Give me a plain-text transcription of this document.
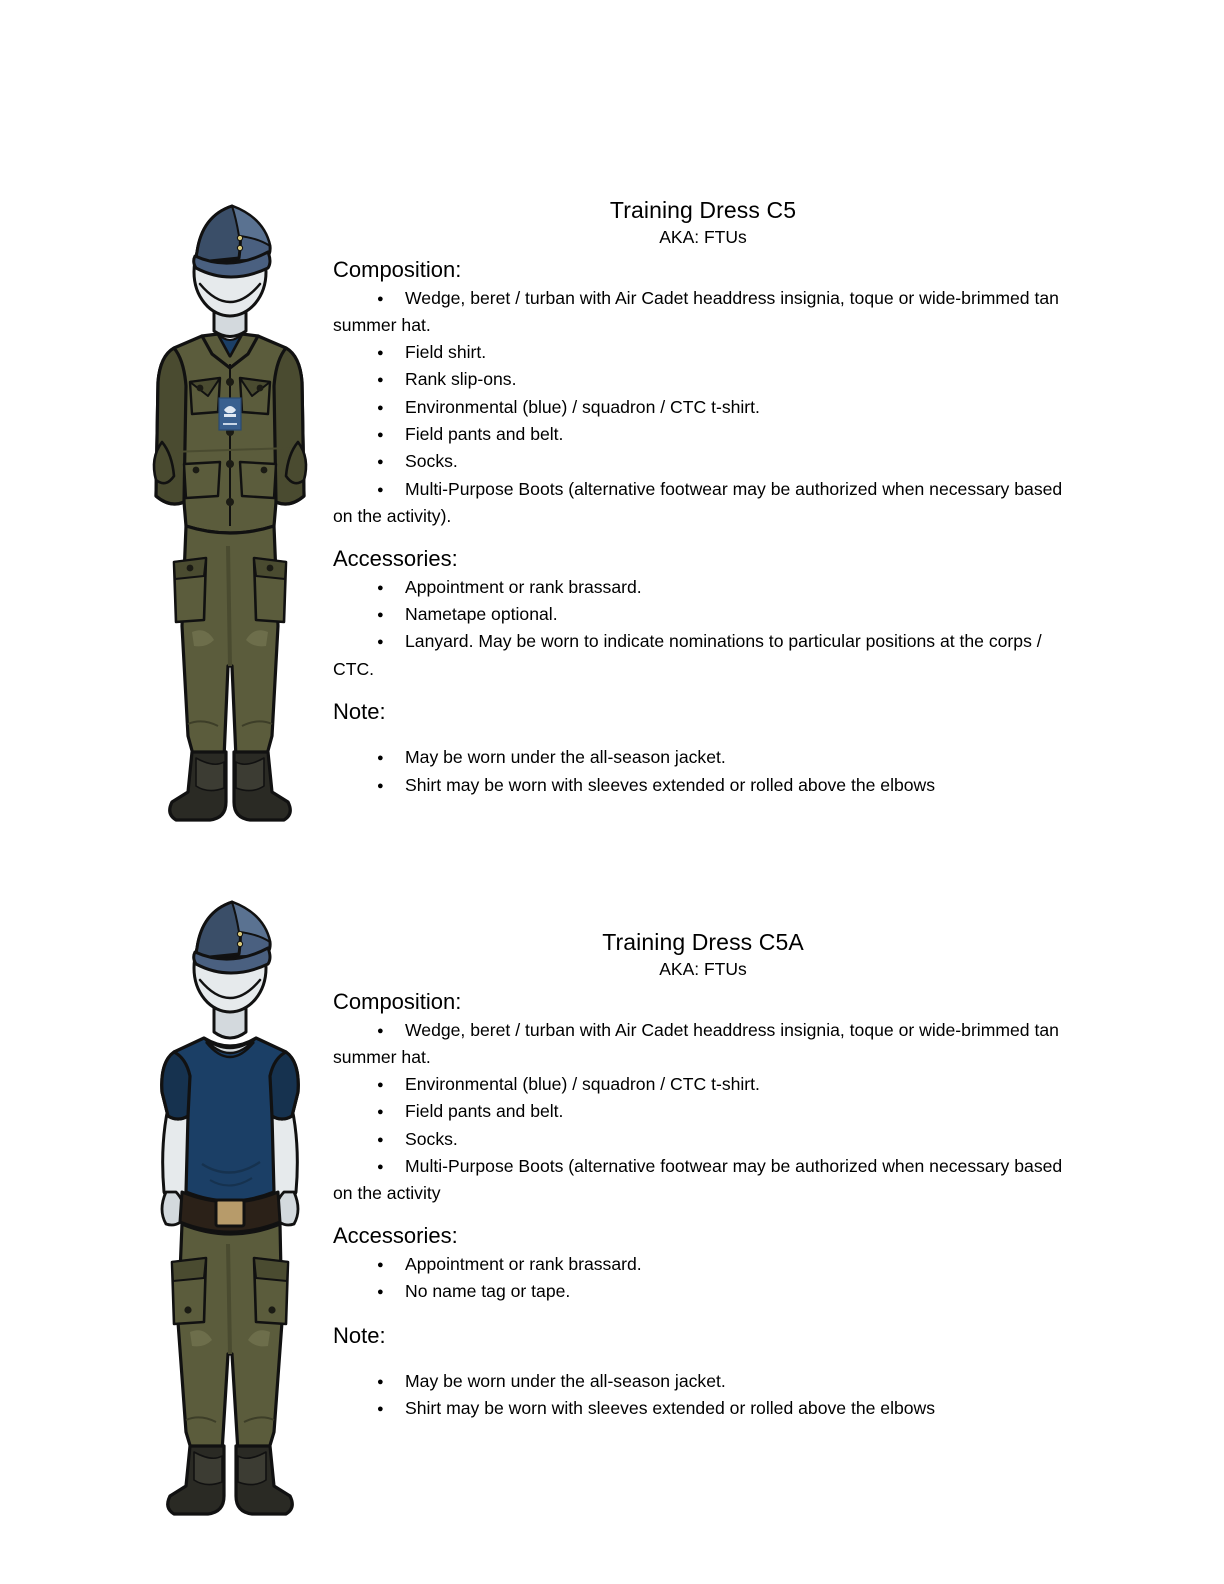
Training Dress C5
AKA: FTUs
Composition:
●Wedge, beret / turban with Air Cadet headdress insignia, toque or wide-brimmed tan summer hat.
●Field shirt.
●Rank slip-ons.
●Environmental (blue) / squadron / CTC t-shirt.
●Field pants and belt.
●Socks.
●Multi-Purpose Boots (alternative footwear may be authorized when necessary based on the activity).
Accessories:
●Appointment or rank brassard.
●Nametape optional.
●Lanyard. May be worn to indicate nominations to particular positions at the corps / CTC.
Note:
●May be worn under the all-season jacket.
●Shirt may be worn with sleeves extended or rolled above the elbows
Training Dress C5A
AKA: FTUs
Composition:
●Wedge, beret / turban with Air Cadet headdress insignia, toque or wide-brimmed tan summer hat.
●Environmental (blue) / squadron / CTC t-shirt.
●Field pants and belt.
●Socks.
●Multi-Purpose Boots (alternative footwear may be authorized when necessary based on the activity
Accessories:
●Appointment or rank brassard.
●No name tag or tape.
Note:
●May be worn under the all-season jacket.
●Shirt may be worn with sleeves extended or rolled above the elbows
